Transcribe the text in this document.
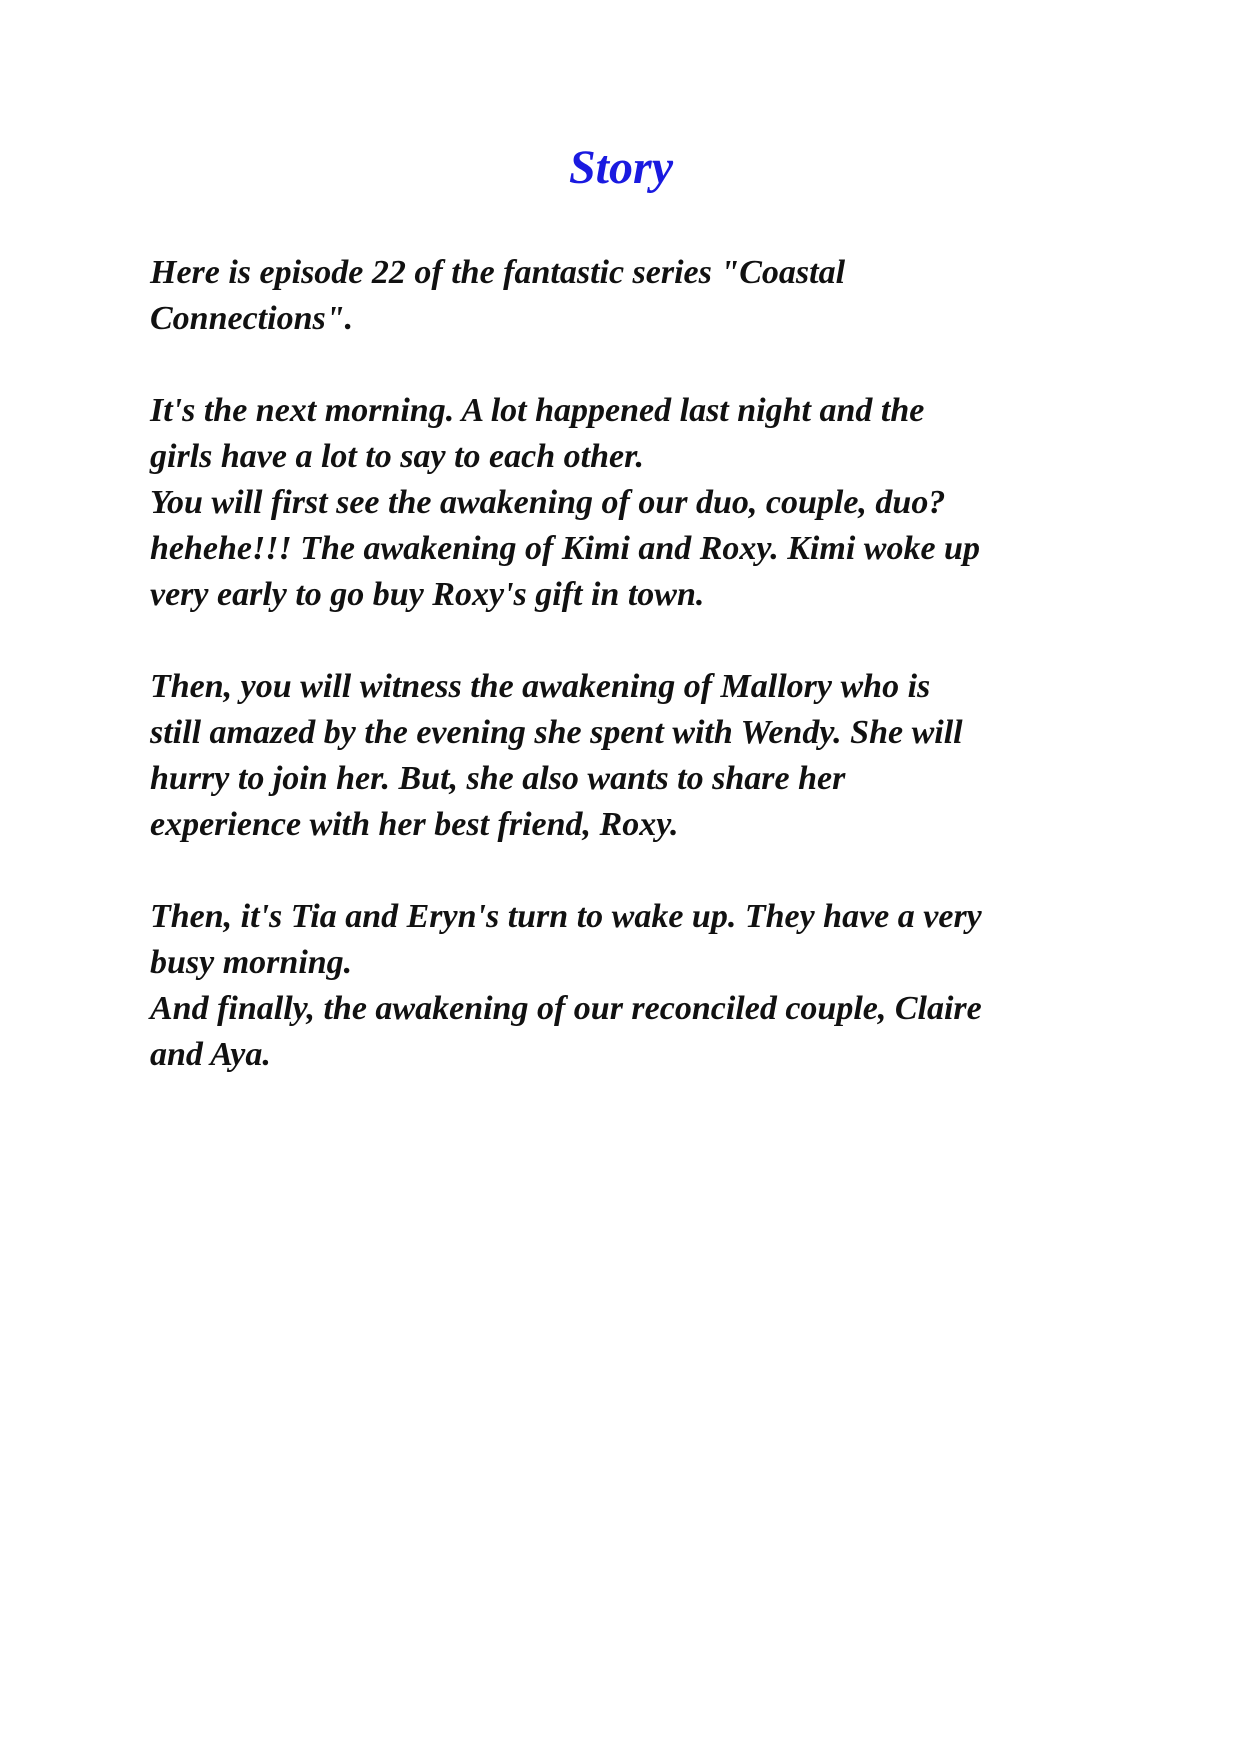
Story

Here is episode 22 of the fantastic series "Coastal
Connections".

It's the next morning. A lot happened last night and the
girls have a lot to say to each other.
You will first see the awakening of our duo, couple, duo?
hehehe!!! The awakening of Kimi and Roxy. Kimi woke up
very early to go buy Roxy's gift in town.

Then, you will witness the awakening of Mallory who is
still amazed by the evening she spent with Wendy. She will
hurry to join her. But, she also wants to share her
experience with her best friend, Roxy.

Then, it's Tia and Eryn's turn to wake up. They have a very
busy morning.
And finally, the awakening of our reconciled couple, Claire
and Aya.
